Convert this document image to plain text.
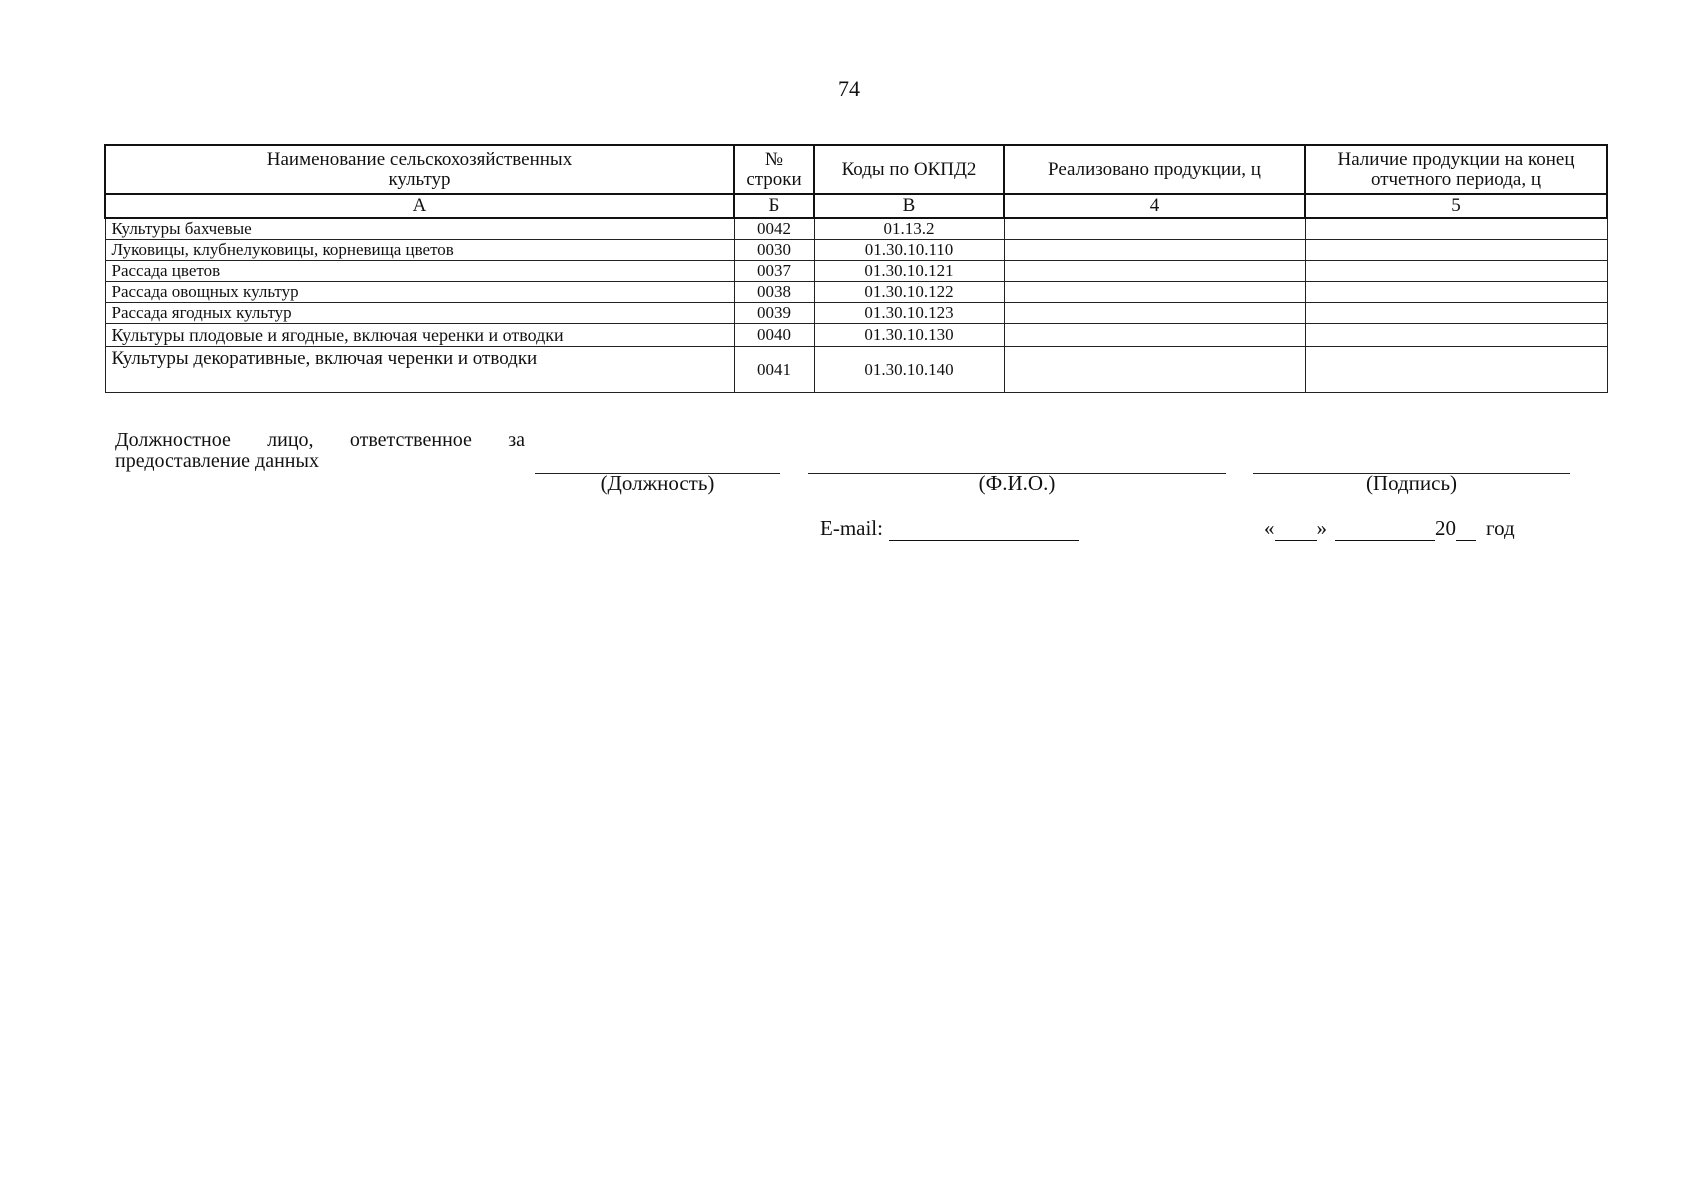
74
Наименование сельскохозяйственных культур	№ строки	Коды по ОКПД2	Реализовано продукции, ц	Наличие продукции на конец отчетного периода, ц
А	Б	В	4	5
Культуры бахчевые	0042	01.13.2		
Луковицы, клубнелуковицы, корневища цветов	0030	01.30.10.110		
Рассада цветов	0037	01.30.10.121		
Рассада овощных культур	0038	01.30.10.122		
Рассада ягодных культур	0039	01.30.10.123		
Культуры плодовые и ягодные, включая черенки и отводки	0040	01.30.10.130		
Культуры декоративные, включая черенки и отводки	0041	01.30.10.140		
Должностное лицо, ответственное за
предоставление данных
(Должность)	(Ф.И.О.)	(Подпись)
E-mail:	« »	20 год
